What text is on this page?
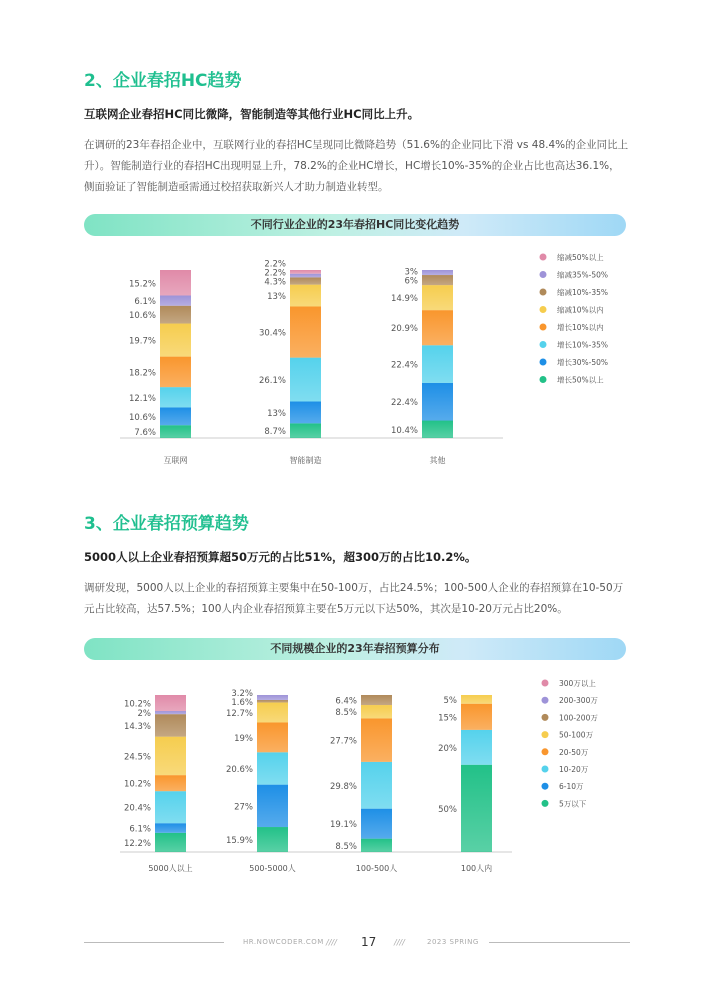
2、企业春招HC趋势
互联网企业春招HC同比微降，智能制造等其他行业HC同比上升。
在调研的23年春招企业中，互联网行业的春招HC呈现同比微降趋势（51.6%的企业同比下滑 vs 48.4%的企业同比上升）。智能制造行业的春招HC出现明显上升，78.2%的企业HC增长，HC增长10%-35%的企业占比也高达36.1%，侧面验证了智能制造亟需通过校招获取新兴人才助力制造业转型。
不同行业企业的23年春招HC同比变化趋势
7.6%
10.6%
12.1%
18.2%
19.7%
10.6%
6.1%
15.2%
互联网
8.7%
13%
26.1%
30.4%
13%
4.3%
2.2%
2.2%
智能制造
10.4%
22.4%
22.4%
20.9%
14.9%
6%
3%
其他
缩减50%以上
缩减35%-50%
缩减10%-35%
缩减10%以内
增长10%以内
增长10%-35%
增长30%-50%
增长50%以上
3、企业春招预算趋势
5000人以上企业春招预算超50万元的占比51%，超300万的占比10.2%。
调研发现，5000人以上企业的春招预算主要集中在50-100万，占比24.5%；100-500人企业的春招预算在10-50万元占比较高，达57.5%；100人内企业春招预算主要在5万元以下达50%，其次是10-20万元占比20%。
不同规模企业的23年春招预算分布
12.2%
6.1%
20.4%
10.2%
24.5%
14.3%
2%
10.2%
5000人以上
15.9%
27%
20.6%
19%
12.7%
1.6%
3.2%
500-5000人
8.5%
19.1%
29.8%
27.7%
8.5%
6.4%
100-500人
50%
20%
15%
5%
100人内
300万以上
200-300万
100-200万
50-100万
20-50万
10-20万
6-10万
5万以下
HR.NOWCODER.COM //// 17 ////	2023 SPRING
